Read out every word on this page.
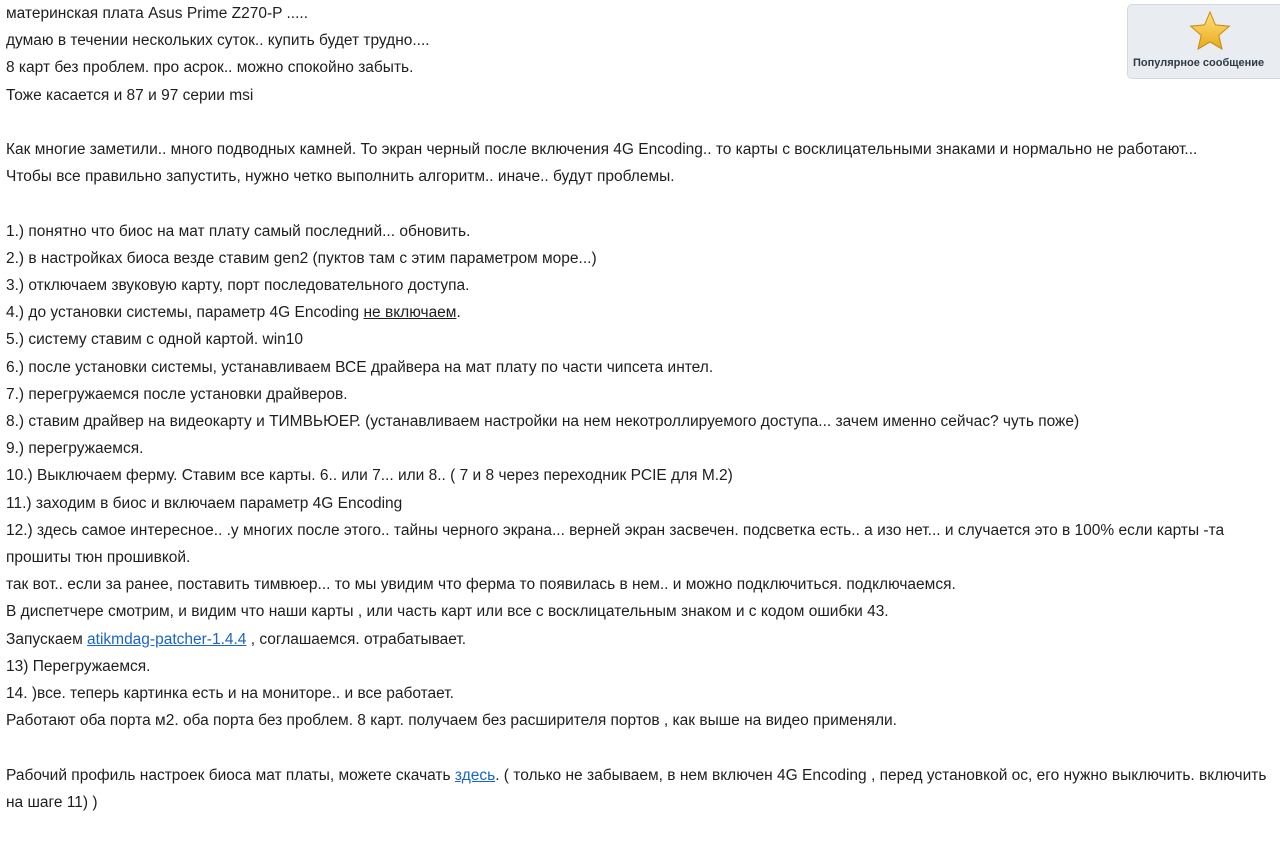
материнская плата Asus Prime Z270-P .....
думаю в течении нескольких суток.. купить будет трудно....
8 карт без проблем. про асрок.. можно спокойно забыть.
Тоже касается и 87 и 97 серии msi
Как многие заметили.. много подводных камней. То экран черный после включения 4G Encoding.. то карты с восклицательными знаками и нормально не работают...
Чтобы все правильно запустить, нужно четко выполнить алгоритм.. иначе.. будут проблемы.
1.) понятно что биос на мат плату самый последний... обновить.
2.) в настройках биоса везде ставим gen2 (пуктов там с этим параметром море...)
3.) отключаем звуковую карту, порт последовательного доступа.
4.) до установки системы, параметр 4G Encoding не включаем.
5.) систему ставим с одной картой. win10
6.) после установки системы, устанавливаем ВСЕ драйвера на мат плату по части чипсета интел.
7.) перегружаемся после установки драйверов.
8.) ставим драйвер на видеокарту и ТИМВЬЮЕР. (устанавливаем настройки на нем некотроллируемого доступа... зачем именно сейчас? чуть поже)
9.) перегружаемся.
10.) Выключаем ферму. Ставим все карты. 6.. или 7... или 8.. ( 7 и 8 через переходник PCIE для M.2)
11.) заходим в биос и включаем параметр 4G Encoding
12.) здесь самое интересное.. .у многих после этого.. тайны черного экрана... верней экран засвечен. подсветка есть.. а изо нет... и случается это в 100% если карты -та прошиты тюн прошивкой.
так вот.. если за ранее, поставить тимвюер... то мы увидим что ферма то появилась в нем.. и можно подключиться. подключаемся.
В диспетчере смотрим, и видим что наши карты , или часть карт или все с восклицательным знаком и с кодом ошибки 43.
Запускаем atikmdag-patcher-1.4.4 , соглашаемся. отрабатывает.
13) Перегружаемся.
14. )все. теперь картинка есть и на мониторе.. и все работает.
Работают оба порта м2. оба порта без проблем. 8 карт. получаем без расширителя портов , как выше на видео применяли.
Рабочий профиль настроек биоса мат платы, можете скачать здесь. ( только не забываем, в нем включен 4G Encoding , перед установкой ос, его нужно выключить. включить на шаге 11) )
Популярное сообщение
